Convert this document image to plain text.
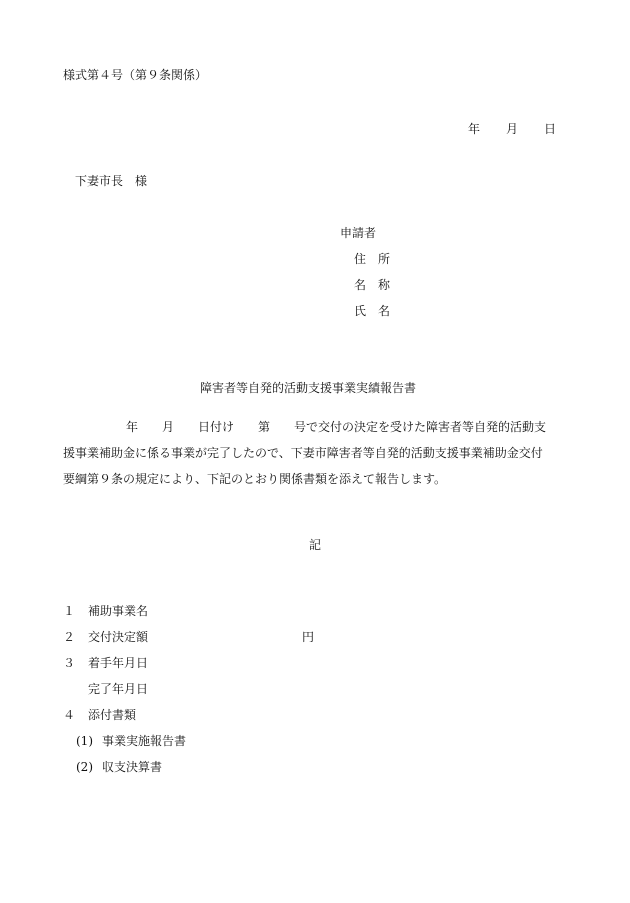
様式第４号（第９条関係）
年 月 日
下妻市長　様
申請者
住　所
名　称
氏　名
障害者等自発的活動支援事業実績報告書
年　　月　　日付け　　第　　号で交付の決定を受けた障害者等自発的活動支
援事業補助金に係る事業が完了したので、下妻市障害者等自発的活動支援事業補助金交付
要綱第９条の規定により、下記のとおり関係書類を添えて報告します。
記
１ 補助事業名
２ 交付決定額	円
３ 着手年月日
完了年月日
４ 添付書類
(1) 事業実施報告書
(2) 収支決算書
